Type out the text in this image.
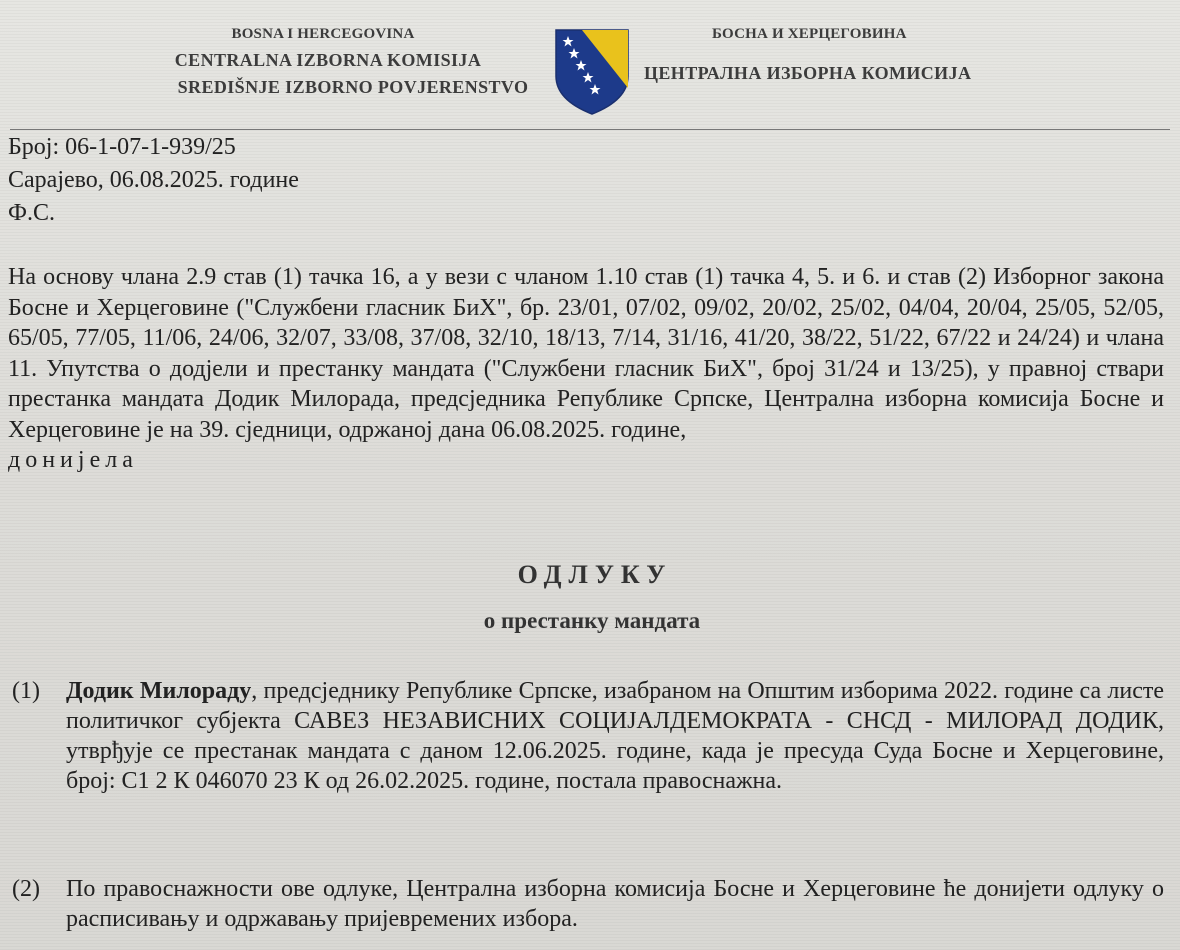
BOSNA I HERCEGOVINA
CENTRALNA IZBORNA KOMISIJA
SREDIŠNJE IZBORNO POVJERENSTVO
БОСНА И ХЕРЦЕГОВИНА
ЦЕНТРАЛНА ИЗБОРНА КОМИСИЈА
Број: 06-1-07-1-939/25
Сарајево, 06.08.2025. године
Ф.С.
На основу члана 2.9 став (1) тачка 16, а у вези с чланом 1.10 став (1) тачка 4, 5. и 6. и став (2) Изборног закона Босне и Херцеговине ("Службени гласник БиХ", бр. 23/01, 07/02, 09/02, 20/02, 25/02, 04/04, 20/04, 25/05, 52/05, 65/05, 77/05, 11/06, 24/06, 32/07, 33/08, 37/08, 32/10, 18/13, 7/14, 31/16, 41/20, 38/22, 51/22, 67/22 и 24/24) и члана 11. Упутства о додјели и престанку мандата ("Службени гласник БиХ", број 31/24 и 13/25), у правној ствари престанка мандата Додик Милорада, предсједника Републике Српске, Централна изборна комисија Босне и Херцеговине је на 39. сједници, одржаној дана 06.08.2025. године,
донијела
ОДЛУКУ
о престанку мандата
(1) Додик Милораду, предсједнику Републике Српске, изабраном на Општим изборима 2022. године са листе политичког субјекта САВЕЗ НЕЗАВИСНИХ СОЦИЈАЛДЕМОКРАТА - СНСД - МИЛОРАД ДОДИК, утврђује се престанак мандата с даном 12.06.2025. године, када је пресуда Суда Босне и Херцеговине, број: С1 2 К 046070 23 К од 26.02.2025. године, постала правоснажна.
(2) По правоснажности ове одлуке, Централна изборна комисија Босне и Херцеговине ће донијети одлуку о расписивању и одржавању пријевремених избора.
